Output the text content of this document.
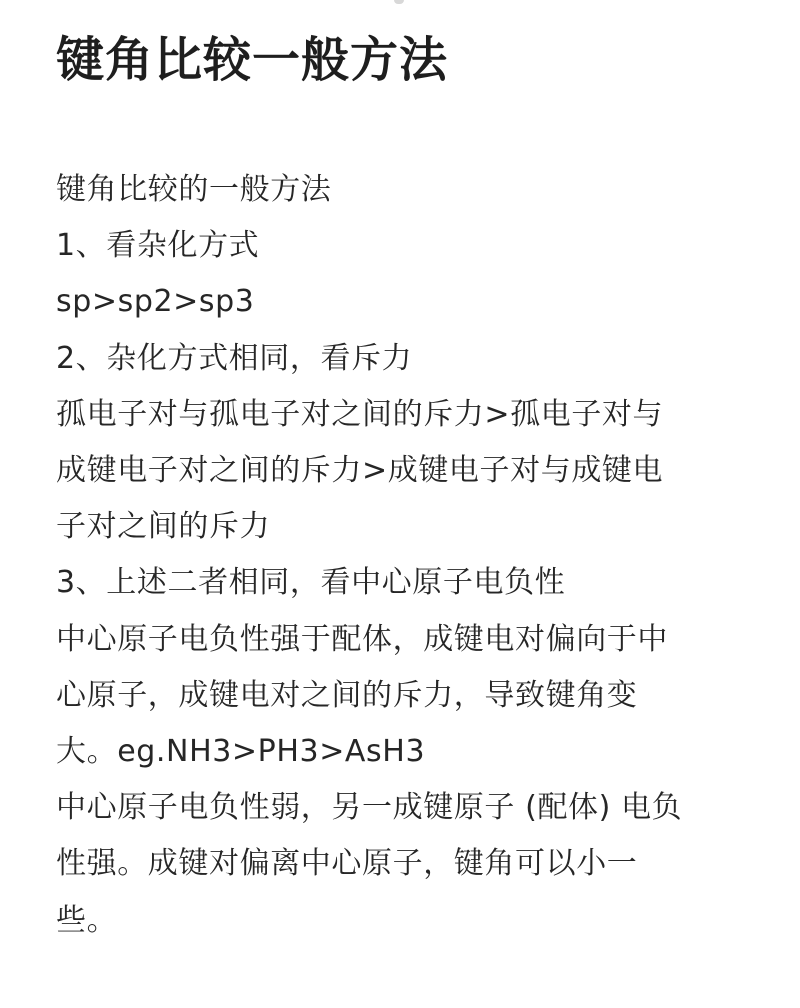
键角比较一般方法
键角比较的一般方法
1、看杂化方式
sp>sp2>sp3
2、杂化方式相同，看斥力
孤电子对与孤电子对之间的斥力>孤电子对与
成键电子对之间的斥力>成键电子对与成键电
子对之间的斥力
3、上述二者相同，看中心原子电负性
中心原子电负性强于配体，成键电对偏向于中
心原子，成键电对之间的斥力，导致键角变
大。eg.NH3>PH3>AsH3
中心原子电负性弱，另一成键原子 (配体) 电负
性强。成键对偏离中心原子，键角可以小一
些。
